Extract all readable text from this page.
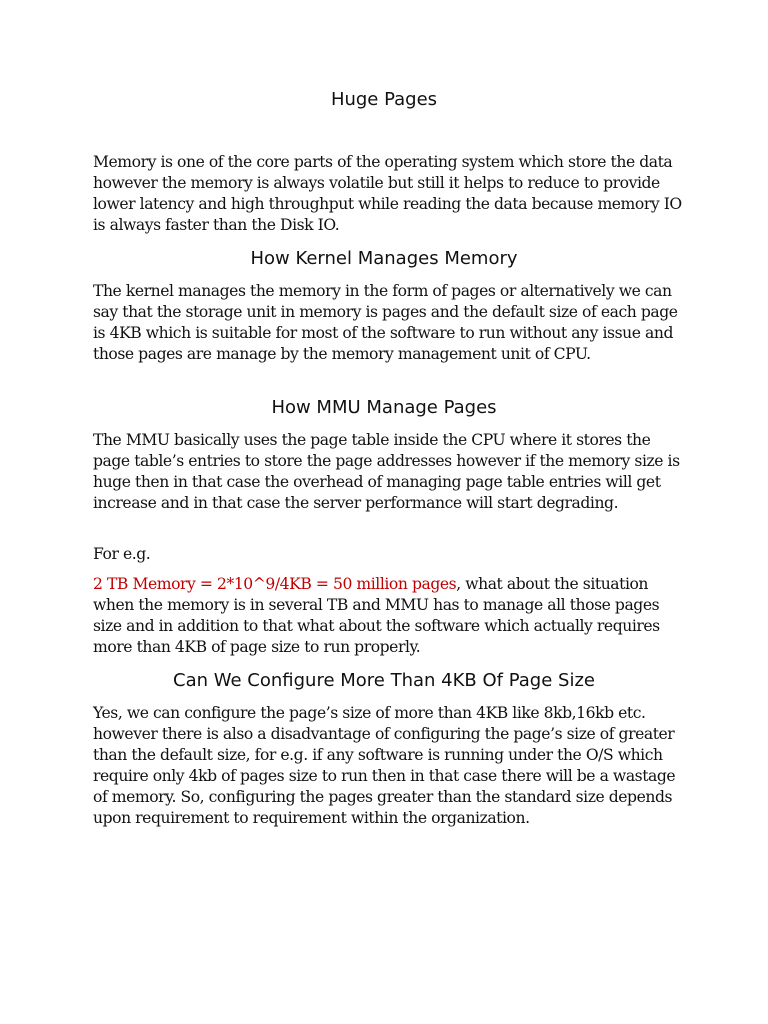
Huge Pages

Memory is one of the core parts of the operating system which store the data however the memory is always volatile but still it helps to reduce to provide lower latency and high throughput while reading the data because memory IO is always faster than the Disk IO.

How Kernel Manages Memory

The kernel manages the memory in the form of pages or alternatively we can say that the storage unit in memory is pages and the default size of each page is 4KB which is suitable for most of the software to run without any issue and those pages are manage by the memory management unit of CPU.

How MMU Manage Pages

The MMU basically uses the page table inside the CPU where it stores the page table’s entries to store the page addresses however if the memory size is huge then in that case the overhead of managing page table entries will get increase and in that case the server performance will start degrading.

For e.g.

2 TB Memory = 2*10^9/4KB = 50 million pages, what about the situation when the memory is in several TB and MMU has to manage all those pages size and in addition to that what about the software which actually requires more than 4KB of page size to run properly.

Can We Configure More Than 4KB Of Page Size

Yes, we can configure the page’s size of more than 4KB like 8kb,16kb etc. however there is also a disadvantage of configuring the page’s size of greater than the default size, for e.g. if any software is running under the O/S which require only 4kb of pages size to run then in that case there will be a wastage of memory. So, configuring the pages greater than the standard size depends upon requirement to requirement within the organization.
